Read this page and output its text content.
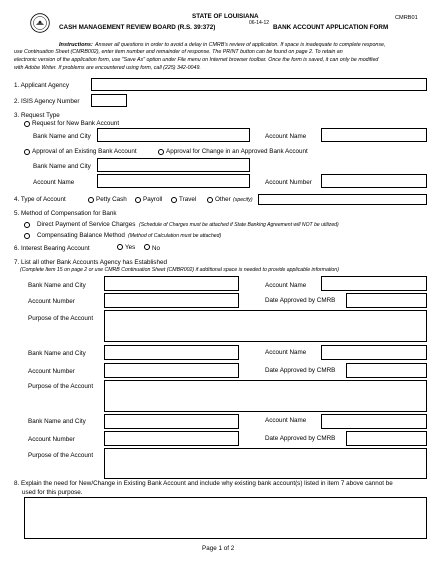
STATE OF LOUISIANA	CMRB01
CASH MANAGEMENT REVIEW BOARD (R.S. 39:372)
06-14-12
BANK ACCOUNT APPLICATION FORM
Instructions: Answer all questions in order to avoid a delay in CMRB's review of application. If space is inadequate to complete response,
use Continuation Sheet (CMRB002), enter item number and remainder of response. The PRINT button can be found on page 2. To retain an
electronic version of the application form, use "Save As" option under File menu on Internet browser toolbar. Once the form is saved, it can only be modified
with Adobe Writer. If problems are encountered using form, call (225) 342-0049.
1. Applicant Agency
2. ISIS Agency Number
3. Request Type
Request for New Bank Account
Bank Name and City	Account Name
Approval of an Existing Bank Account	Approval for Change in an Approved Bank Account
Bank Name and City
Account Name	Account Number
4. Type of Account	Petty Cash	Payroll	Travel	Other (specify)
5. Method of Compensation for Bank
Direct Payment of Service Charges (Schedule of Charges must be attached if State Banking Agreement will NOT be utilized)
Compensating Balance Method (Method of Calculation must be attached)
6. Interest Bearing Account	Yes	No
7. List all other Bank Accounts Agency has Established
(Complete Item 15 on page 2 or use CMRB Continuation Sheet (CMBR002) if additional space is needed to provide applicable information)
Bank Name and City	Account Name
Account Number	Date Approved by CMRB
Purpose of the Account
Bank Name and City	Account Name
Account Number	Date Approved by CMRB
Purpose of the Account
Bank Name and City	Account Name
Account Number	Date Approved by CMRB
Purpose of the Account
8. Explain the need for New/Change in Existing Bank Account and include why existing bank account(s) listed in item 7 above cannot be
used for this purpose.
Page 1 of 2
